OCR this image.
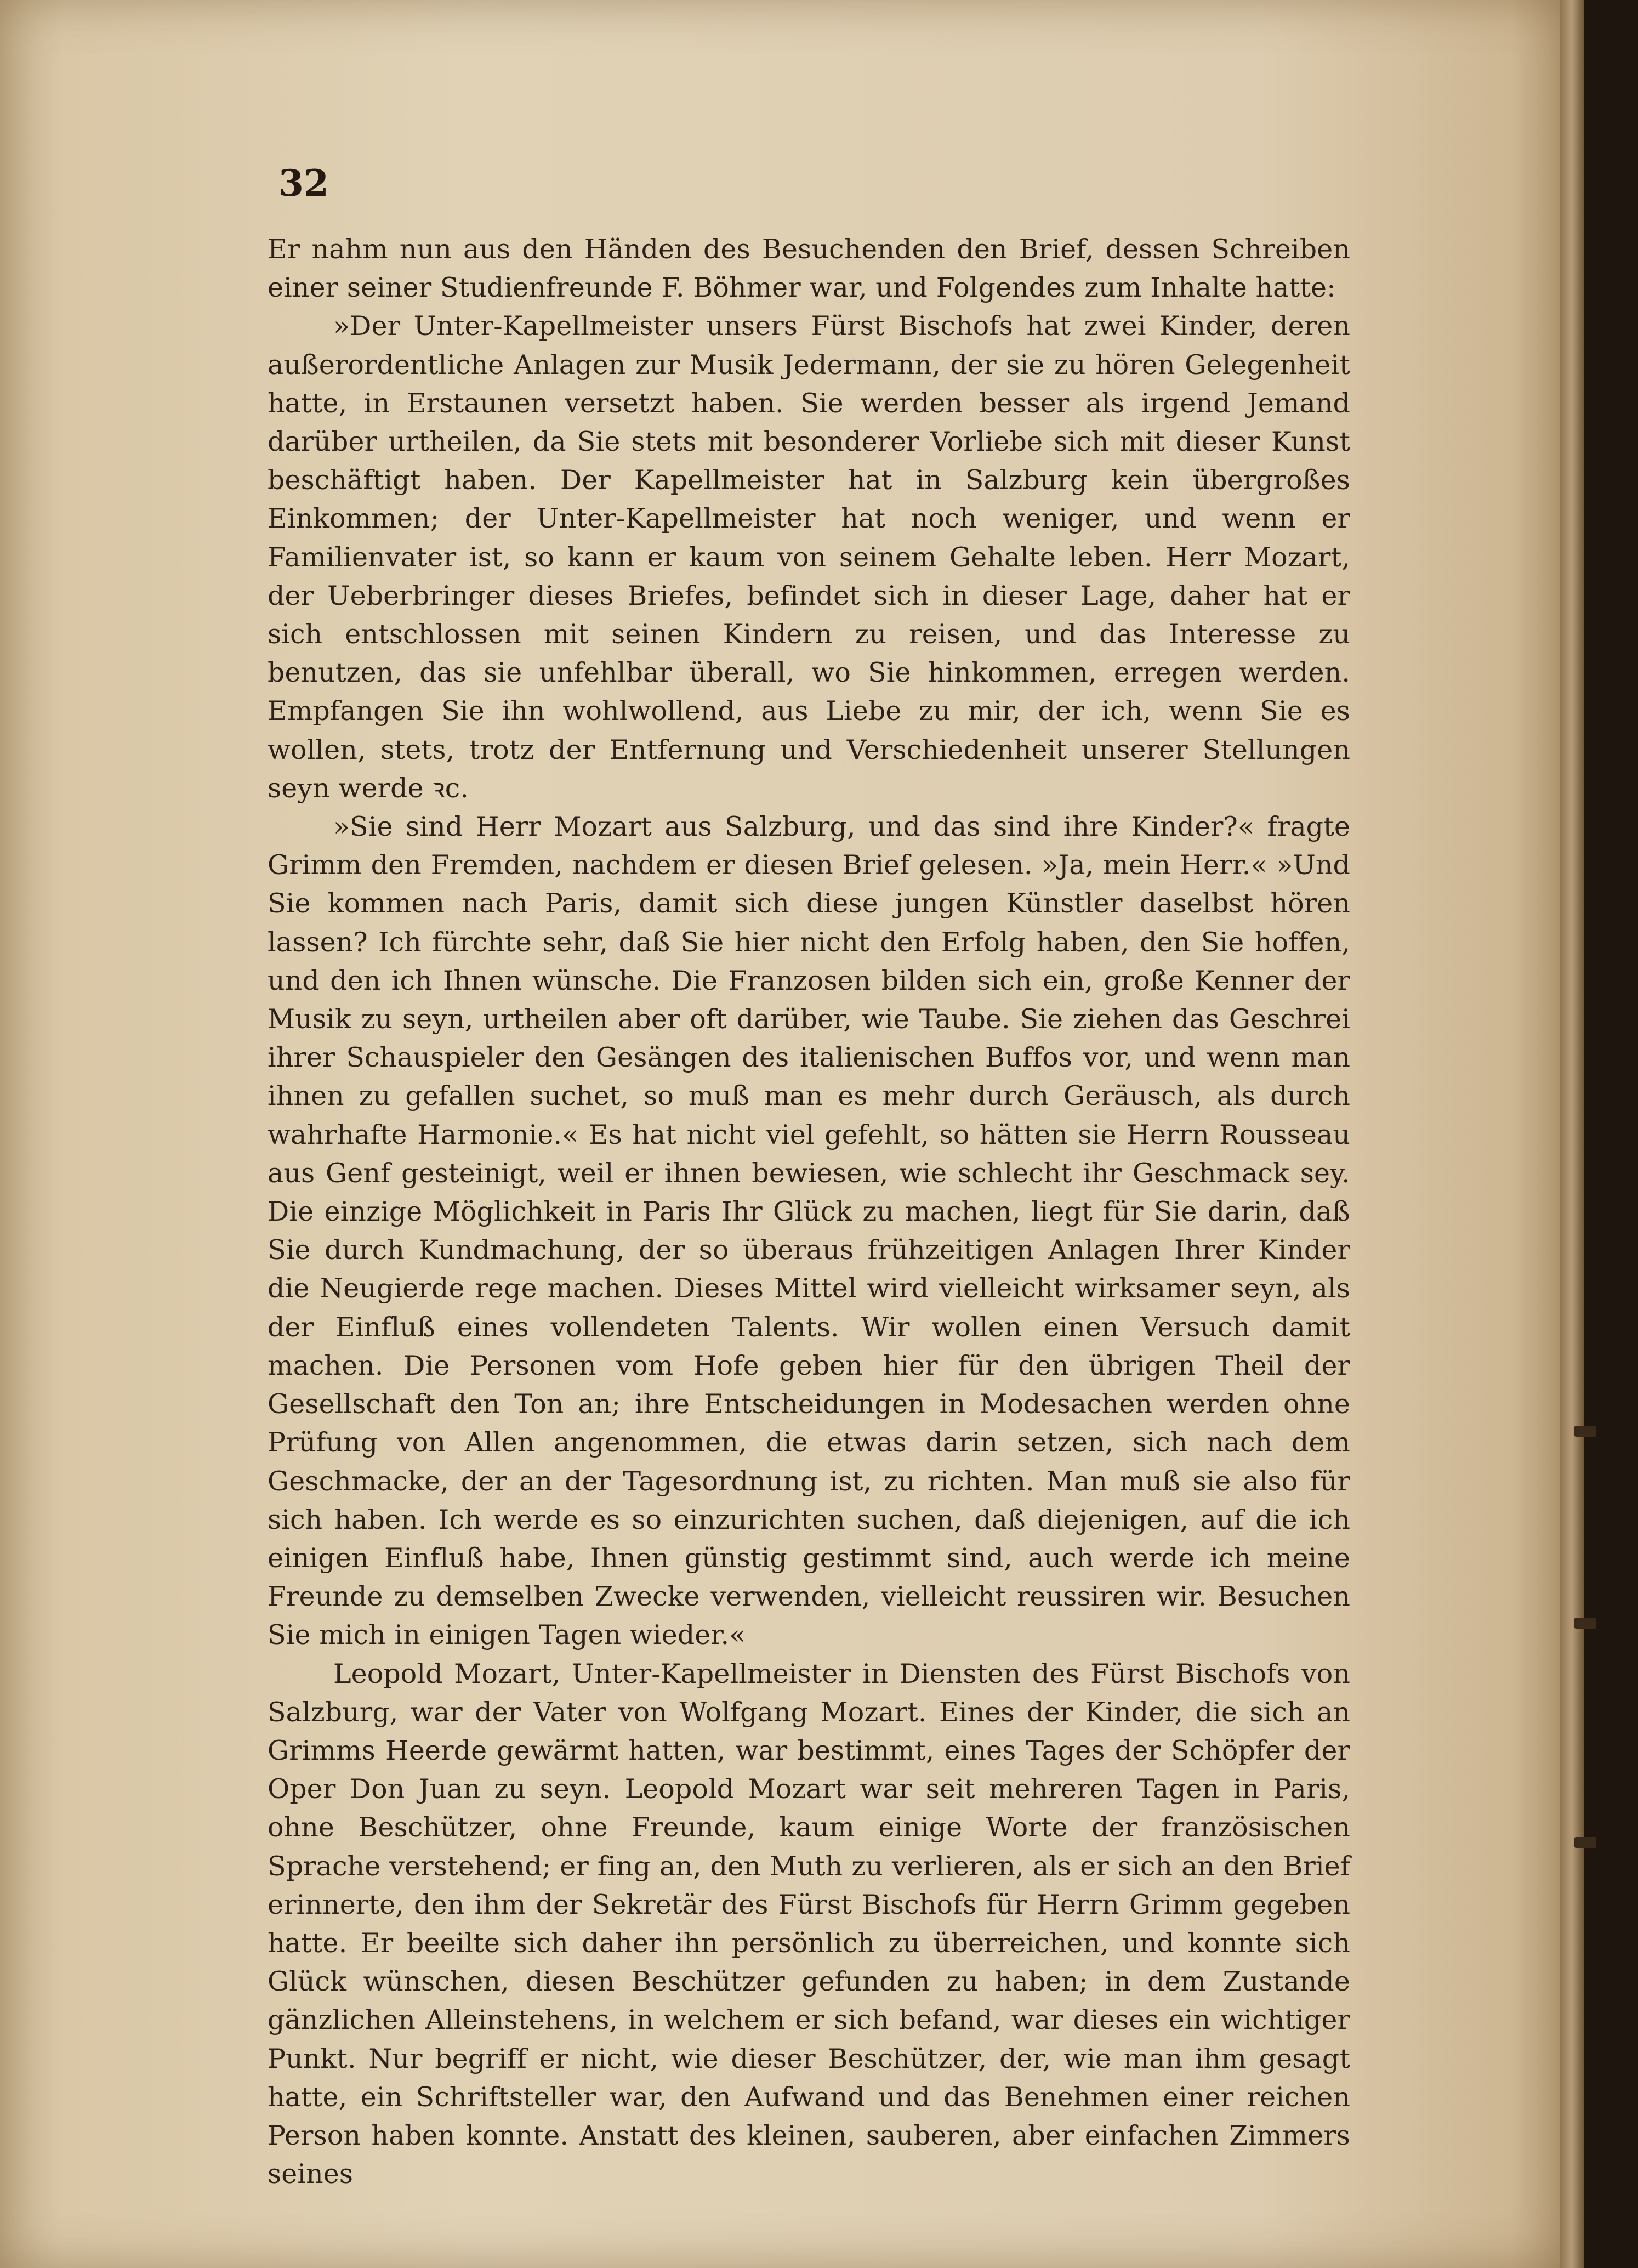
32

Er nahm nun aus den Händen des Besuchenden den Brief, dessen Schreiben einer seiner Studienfreunde F. Böhmer war, und Folgendes zum Inhalte hatte:

»Der Unter-Kapellmeister unsers Fürst Bischofs hat zwei Kinder, deren außerordentliche Anlagen zur Musik Jedermann, der sie zu hören Gelegenheit hatte, in Erstaunen versetzt haben. Sie werden besser als irgend Jemand darüber urtheilen, da Sie stets mit besonderer Vorliebe sich mit dieser Kunst beschäftigt haben. Der Kapellmeister hat in Salzburg kein übergroßes Einkommen; der Unter-Kapellmeister hat noch weniger, und wenn er Familienvater ist, so kann er kaum von seinem Gehalte leben. Herr Mozart, der Ueberbringer dieses Briefes, befindet sich in dieser Lage, daher hat er sich entschlossen mit seinen Kindern zu reisen, und das Interesse zu benutzen, das sie unfehlbar überall, wo Sie hinkommen, erregen werden. Empfangen Sie ihn wohlwollend, aus Liebe zu mir, der ich, wenn Sie es wollen, stets, trotz der Entfernung und Verschiedenheit unserer Stellungen seyn werde ꝛc.

»Sie sind Herr Mozart aus Salzburg, und das sind ihre Kinder?« fragte Grimm den Fremden, nachdem er diesen Brief gelesen. »Ja, mein Herr.« »Und Sie kommen nach Paris, damit sich diese jungen Künstler daselbst hören lassen? Ich fürchte sehr, daß Sie hier nicht den Erfolg haben, den Sie hoffen, und den ich Ihnen wünsche. Die Franzosen bilden sich ein, große Kenner der Musik zu seyn, urtheilen aber oft darüber, wie Taube. Sie ziehen das Geschrei ihrer Schauspieler den Gesängen des italienischen Buffos vor, und wenn man ihnen zu gefallen suchet, so muß man es mehr durch Geräusch, als durch wahrhafte Harmonie.« Es hat nicht viel gefehlt, so hätten sie Herrn Rousseau aus Genf gesteinigt, weil er ihnen bewiesen, wie schlecht ihr Geschmack sey. Die einzige Möglichkeit in Paris Ihr Glück zu machen, liegt für Sie darin, daß Sie durch Kundmachung, der so überaus frühzeitigen Anlagen Ihrer Kinder die Neugierde rege machen. Dieses Mittel wird vielleicht wirksamer seyn, als der Einfluß eines vollendeten Talents. Wir wollen einen Versuch damit machen. Die Personen vom Hofe geben hier für den übrigen Theil der Gesellschaft den Ton an; ihre Entscheidungen in Modesachen werden ohne Prüfung von Allen angenommen, die etwas darin setzen, sich nach dem Geschmacke, der an der Tagesordnung ist, zu richten. Man muß sie also für sich haben. Ich werde es so einzurichten suchen, daß diejenigen, auf die ich einigen Einfluß habe, Ihnen günstig gestimmt sind, auch werde ich meine Freunde zu demselben Zwecke verwenden, vielleicht reussiren wir. Besuchen Sie mich in einigen Tagen wieder.«

Leopold Mozart, Unter-Kapellmeister in Diensten des Fürst Bischofs von Salzburg, war der Vater von Wolfgang Mozart. Eines der Kinder, die sich an Grimms Heerde gewärmt hatten, war bestimmt, eines Tages der Schöpfer der Oper Don Juan zu seyn. Leopold Mozart war seit mehreren Tagen in Paris, ohne Beschützer, ohne Freunde, kaum einige Worte der französischen Sprache verstehend; er fing an, den Muth zu verlieren, als er sich an den Brief erinnerte, den ihm der Sekretär des Fürst Bischofs für Herrn Grimm gegeben hatte. Er beeilte sich daher ihn persönlich zu überreichen, und konnte sich Glück wünschen, diesen Beschützer gefunden zu haben; in dem Zustande gänzlichen Alleinstehens, in welchem er sich befand, war dieses ein wichtiger Punkt. Nur begriff er nicht, wie dieser Beschützer, der, wie man ihm gesagt hatte, ein Schriftsteller war, den Aufwand und das Benehmen einer reichen Person haben konnte. Anstatt des kleinen, sauberen, aber einfachen Zimmers seines
